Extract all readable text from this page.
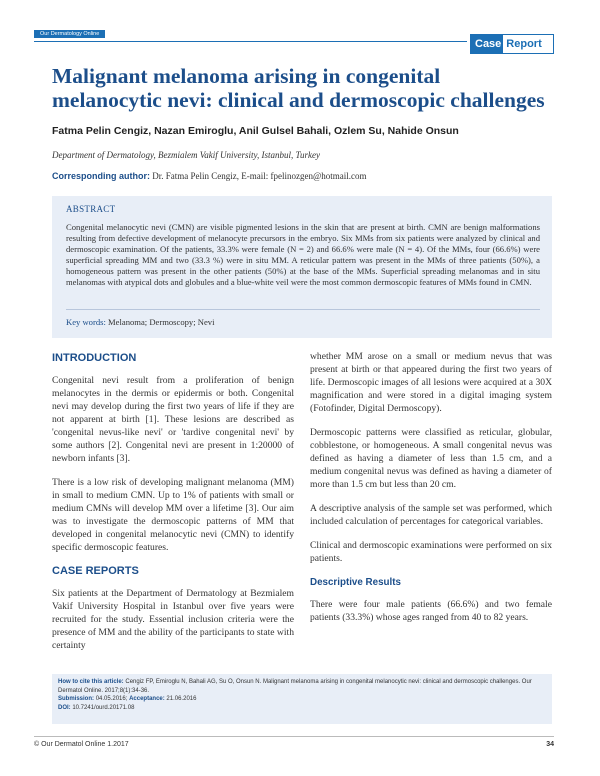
Our Dermatology Online
Case Report
Malignant melanoma arising in congenital melanocytic nevi: clinical and dermoscopic challenges
Fatma Pelin Cengiz, Nazan Emiroglu, Anil Gulsel Bahali, Ozlem Su, Nahide Onsun
Department of Dermatology, Bezmialem Vakif University, Istanbul, Turkey
Corresponding author: Dr. Fatma Pelin Cengiz, E-mail: fpelinozgen@hotmail.com
ABSTRACT
Congenital melanocytic nevi (CMN) are visible pigmented lesions in the skin that are present at birth. CMN are benign malformations resulting from defective development of melanocyte precursors in the embryo. Six MMs from six patients were analyzed by clinical and dermoscopic examination. Of the patients, 33.3% were female (N = 2) and 66.6% were male (N = 4). Of the MMs, four (66.6%) were superficial spreading MM and two (33.3 %) were in situ MM. A reticular pattern was present in the MMs of three patients (50%), a homogeneous pattern was present in the other patients (50%) at the base of the MMs. Superficial spreading melanomas and in situ melanomas with atypical dots and globules and a blue-white veil were the most common dermoscopic features of MMs found in CMN.
Key words: Melanoma; Dermoscopy; Nevi
INTRODUCTION

Congenital nevi result from a proliferation of benign melanocytes in the dermis or epidermis or both. Congenital nevi may develop during the first two years of life if they are not apparent at birth [1]. These lesions are described as 'congenital nevus-like nevi' or 'tardive congenital nevi' by some authors [2]. Congenital nevi are present in 1:20000 of newborn infants [3].

There is a low risk of developing malignant melanoma (MM) in small to medium CMN. Up to 1% of patients with small or medium CMNs will develop MM over a lifetime [3]. Our aim was to investigate the dermoscopic patterns of MM that developed in congenital melanocytic nevi (CMN) to identify specific dermoscopic features.

CASE REPORTS

Six patients at the Department of Dermatology at Bezmialem Vakif University Hospital in Istanbul over five years were recruited for the study. Essential inclusion criteria were the presence of MM and the ability of the participants to state with certainty

whether MM arose on a small or medium nevus that was present at birth or that appeared during the first two years of life. Dermoscopic images of all lesions were acquired at a 30X magnification and were stored in a digital imaging system (Fotofinder, Digital Dermoscopy).

Dermoscopic patterns were classified as reticular, globular, cobblestone, or homogeneous. A small congenital nevus was defined as having a diameter of less than 1.5 cm, and a medium congenital nevus was defined as having a diameter of more than 1.5 cm but less than 20 cm.

A descriptive analysis of the sample set was performed, which included calculation of percentages for categorical variables.

Clinical and dermoscopic examinations were performed on six patients.

Descriptive Results

There were four male patients (66.6%) and two female patients (33.3%) whose ages ranged from 40 to 82 years.

How to cite this article: Cengiz FP, Emiroglu N, Bahali AG, Su O, Onsun N. Malignant melanoma arising in congenital melanocytic nevi: clinical and dermoscopic challenges. Our Dermatol Online. 2017;8(1):34-36.
Submission: 04.05.2016; Acceptance: 21.06.2016
DOI: 10.7241/ourd.20171.08
© Our Dermatol Online 1.2017	34
